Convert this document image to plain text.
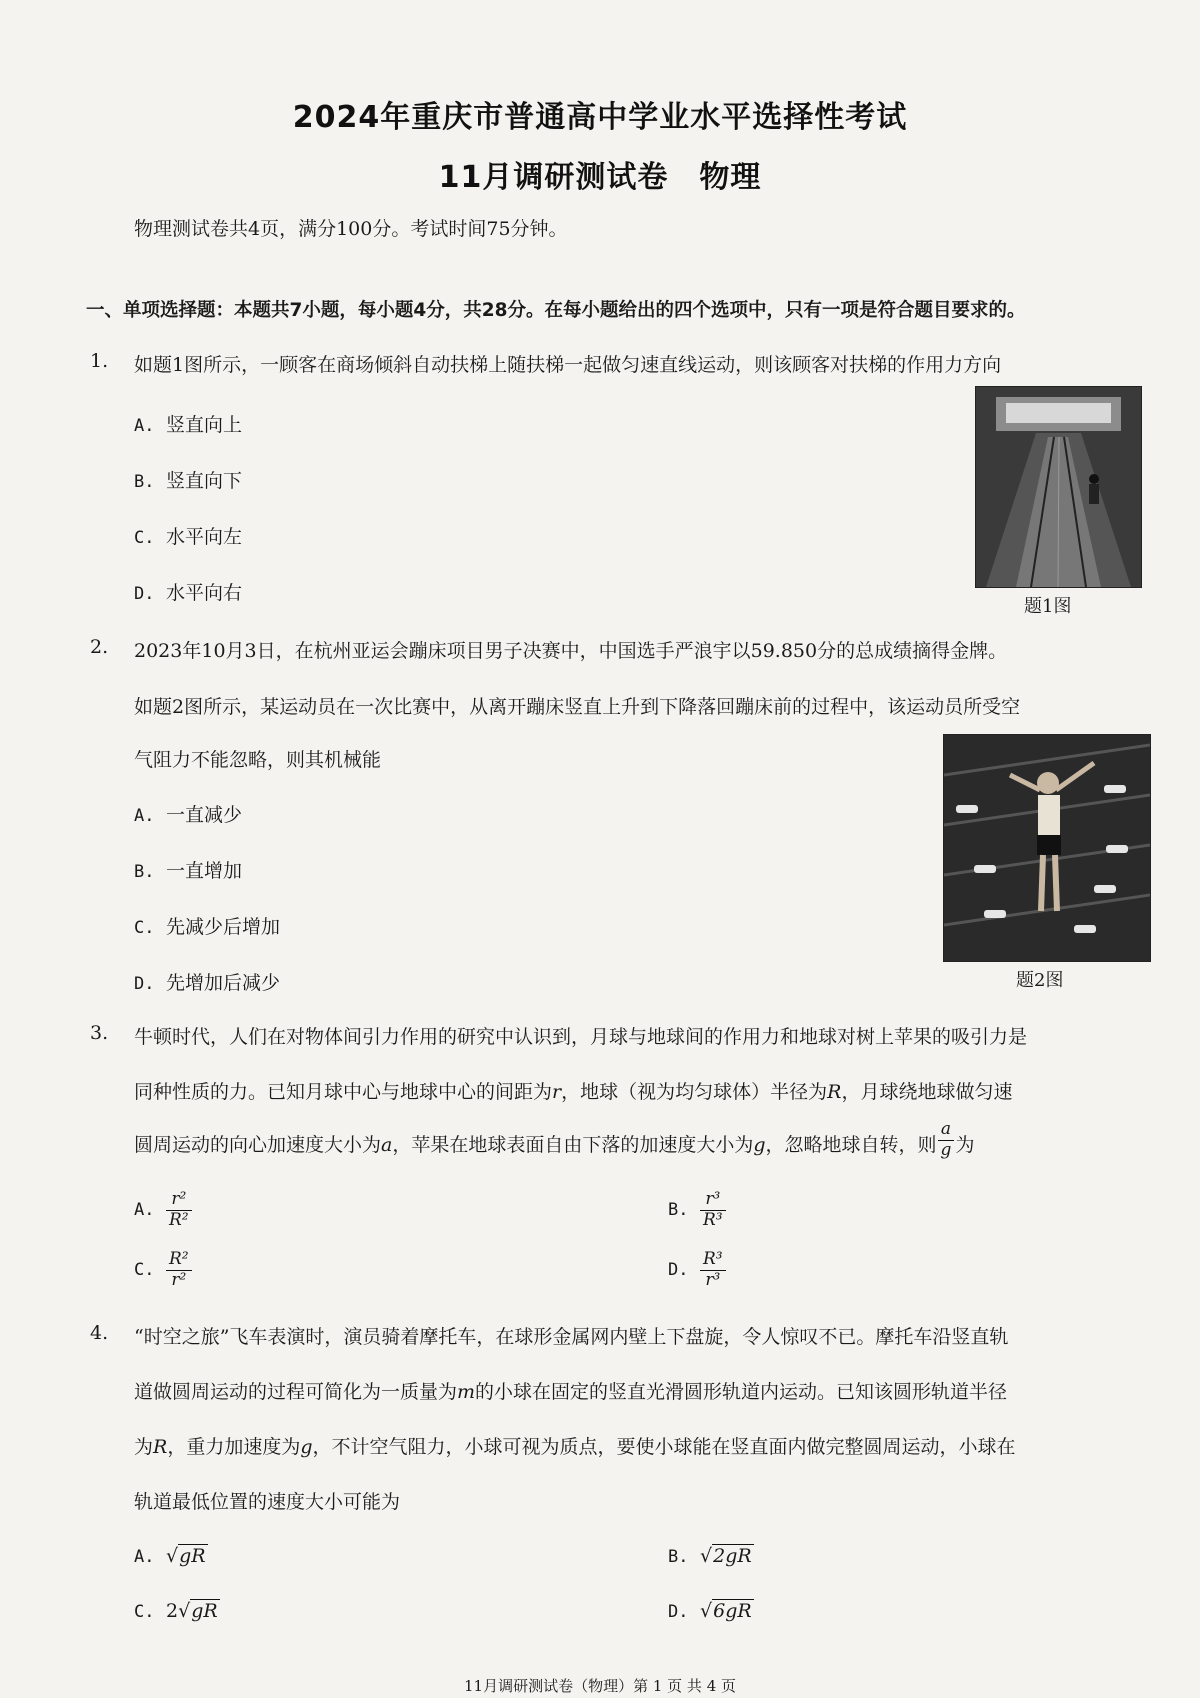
2024年重庆市普通高中学业水平选择性考试
11月调研测试卷　物理
物理测试卷共4页，满分100分。考试时间75分钟。
一、单项选择题：本题共7小题，每小题4分，共28分。在每小题给出的四个选项中，只有一项是符合题目要求的。
1. 如题1图所示，一顾客在商场倾斜自动扶梯上随扶梯一起做匀速直线运动，则该顾客对扶梯的作用力方向
A. 竖直向上
B. 竖直向下
C. 水平向左
D. 水平向右
题1图
2. 2023年10月3日，在杭州亚运会蹦床项目男子决赛中，中国选手严浪宇以59.850分的总成绩摘得金牌。
如题2图所示，某运动员在一次比赛中，从离开蹦床竖直上升到下降落回蹦床前的过程中，该运动员所受空
气阻力不能忽略，则其机械能
A. 一直减少
B. 一直增加
C. 先减少后增加
D. 先增加后减少	题2图
3. 牛顿时代，人们在对物体间引力作用的研究中认识到，月球与地球间的作用力和地球对树上苹果的吸引力是
同种性质的力。已知月球中心与地球中心的间距为r，地球（视为均匀球体）半径为R，月球绕地球做匀速
圆周运动的向心加速度大小为a，苹果在地球表面自由下落的加速度大小为g，忽略地球自转，则 $\frac{a}{g}$ 为
A. $\frac{\text{r²}}{\text{R²}}$	B. $\frac{\text{r³}}{\text{R³}}$
C. $\frac{\text{R²}}{\text{r²}}$	D. $\frac{\text{R³}}{\text{r³}}$
4. “时空之旅”飞车表演时，演员骑着摩托车，在球形金属网内壁上下盘旋，令人惊叹不已。摩托车沿竖直轨
道做圆周运动的过程可简化为一质量为m的小球在固定的竖直光滑圆形轨道内运动。已知该圆形轨道半径
为R，重力加速度为g，不计空气阻力，小球可视为质点，要使小球能在竖直面内做完整圆周运动，小球在
轨道最低位置的速度大小可能为
A. √gR	B. √2gR
C. 2√gR	D. √6gR
11月调研测试卷（物理）第 1 页 共 4 页
